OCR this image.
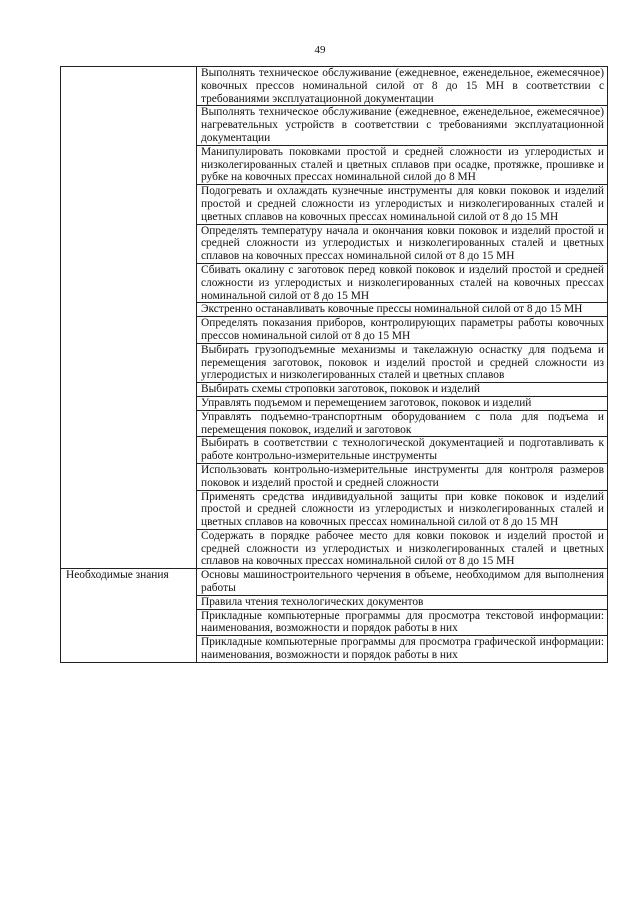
49
	Выполнять техническое обслуживание (ежедневное, еженедельное, ежемесячное) ковочных прессов номинальной силой от 8 до 15 МН в соответствии с требованиями эксплуатационной документации
	Выполнять техническое обслуживание (ежедневное, еженедельное, ежемесячное) нагревательных устройств в соответствии с требованиями эксплуатационной документации
	Манипулировать поковками простой и средней сложности из углеродистых и низколегированных сталей и цветных сплавов при осадке, протяжке, прошивке и рубке на ковочных прессах номинальной силой до 8 МН
	Подогревать и охлаждать кузнечные инструменты для ковки поковок и изделий простой и средней сложности из углеродистых и низколегированных сталей и цветных сплавов на ковочных прессах номинальной силой от 8 до 15 МН
	Определять температуру начала и окончания ковки поковок и изделий простой и средней сложности из углеродистых и низколегированных сталей и цветных сплавов на ковочных прессах номинальной силой от 8 до 15 МН
	Сбивать окалину с заготовок перед ковкой поковок и изделий простой и средней сложности из углеродистых и низколегированных сталей на ковочных прессах номинальной силой от 8 до 15 МН
	Экстренно останавливать ковочные прессы номинальной силой от 8 до 15 МН
	Определять показания приборов, контролирующих параметры работы ковочных прессов номинальной силой от 8 до 15 МН
	Выбирать грузоподъемные механизмы и такелажную оснастку для подъема и перемещения заготовок, поковок и изделий простой и средней сложности из углеродистых и низколегированных сталей и цветных сплавов
	Выбирать схемы строповки заготовок, поковок и изделий
	Управлять подъемом и перемещением заготовок, поковок и изделий
	Управлять подъемно-транспортным оборудованием с пола для подъема и перемещения поковок, изделий и заготовок
	Выбирать в соответствии с технологической документацией и подготавливать к работе контрольно-измерительные инструменты
	Использовать контрольно-измерительные инструменты для контроля размеров поковок и изделий простой и средней сложности
	Применять средства индивидуальной защиты при ковке поковок и изделий простой и средней сложности из углеродистых и низколегированных сталей и цветных сплавов на ковочных прессах номинальной силой от 8 до 15 МН
	Содержать в порядке рабочее место для ковки поковок и изделий простой и средней сложности из углеродистых и низколегированных сталей и цветных сплавов на ковочных прессах номинальной силой от 8 до 15 МН
Необходимые знания	Основы машиностроительного черчения в объеме, необходимом для выполнения работы
	Правила чтения технологических документов
	Прикладные компьютерные программы для просмотра текстовой информации: наименования, возможности и порядок работы в них
	Прикладные компьютерные программы для просмотра графической информации: наименования, возможности и порядок работы в них
